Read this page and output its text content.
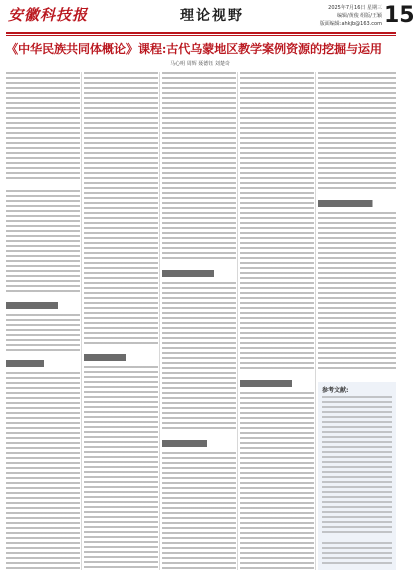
安徽科技报	理论视野	2025年7月16日 星期三
编辑/黄俊 组版/王颖
版面编辑:ahkjb@163.com 15
《中华民族共同体概论》课程:古代乌蒙地区教学案例资源的挖掘与运用
马心明 周辉 聂德钰 刘楚奇
参考文献:
